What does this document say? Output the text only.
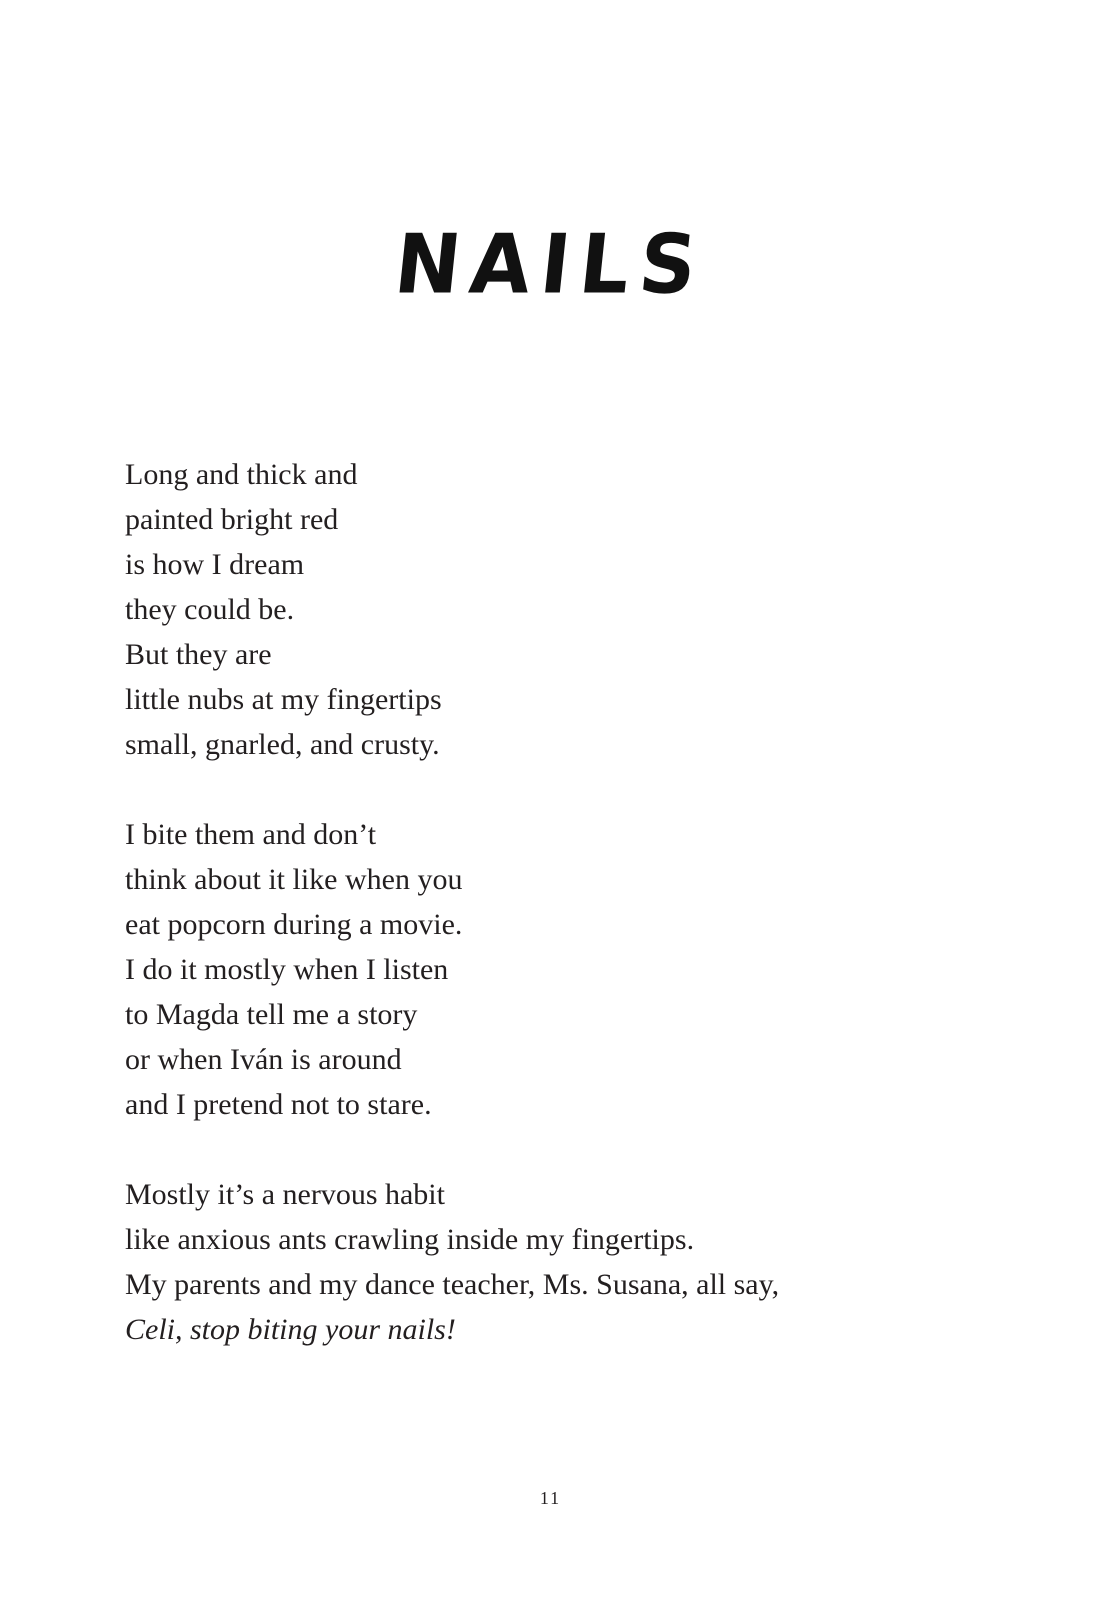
NAILS
Long and thick and
painted bright red
is how I dream
they could be.
But they are
little nubs at my fingertips
small, gnarled, and crusty.
I bite them and don’t
think about it like when you
eat popcorn during a movie.
I do it mostly when I listen
to Magda tell me a story
or when Iván is around
and I pretend not to stare.
Mostly it’s a nervous habit
like anxious ants crawling inside my fingertips.
My parents and my dance teacher, Ms. Susana, all say,
Celi, stop biting your nails!
11
